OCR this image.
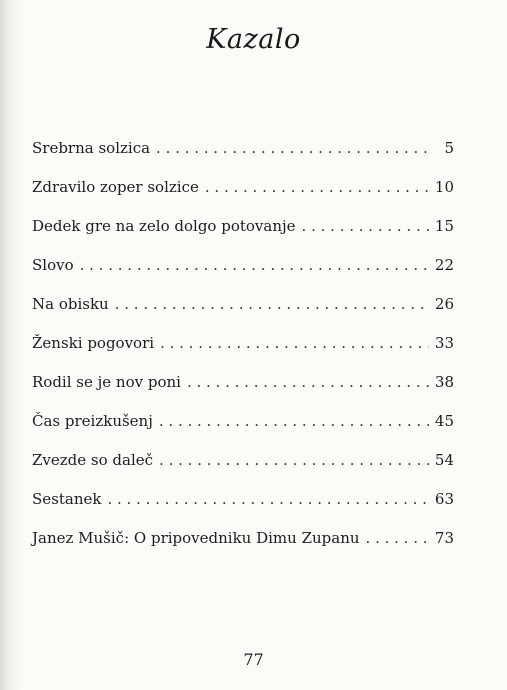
Kazalo
Srebrna solzica . . .	5
Zdravilo zoper solzice . . .	10
Dedek gre na zelo dolgo potovanje . . .	15
Slovo . . .	22
Na obisku . . .	26
Ženski pogovori . . .	33
Rodil se je nov poni . . .	38
Čas preizkušenj . . .	45
Zvezde so daleč . . .	54
Sestanek . . .	63
Janez Mušič: O pripovedniku Dimu Zupanu . . .	73
77
